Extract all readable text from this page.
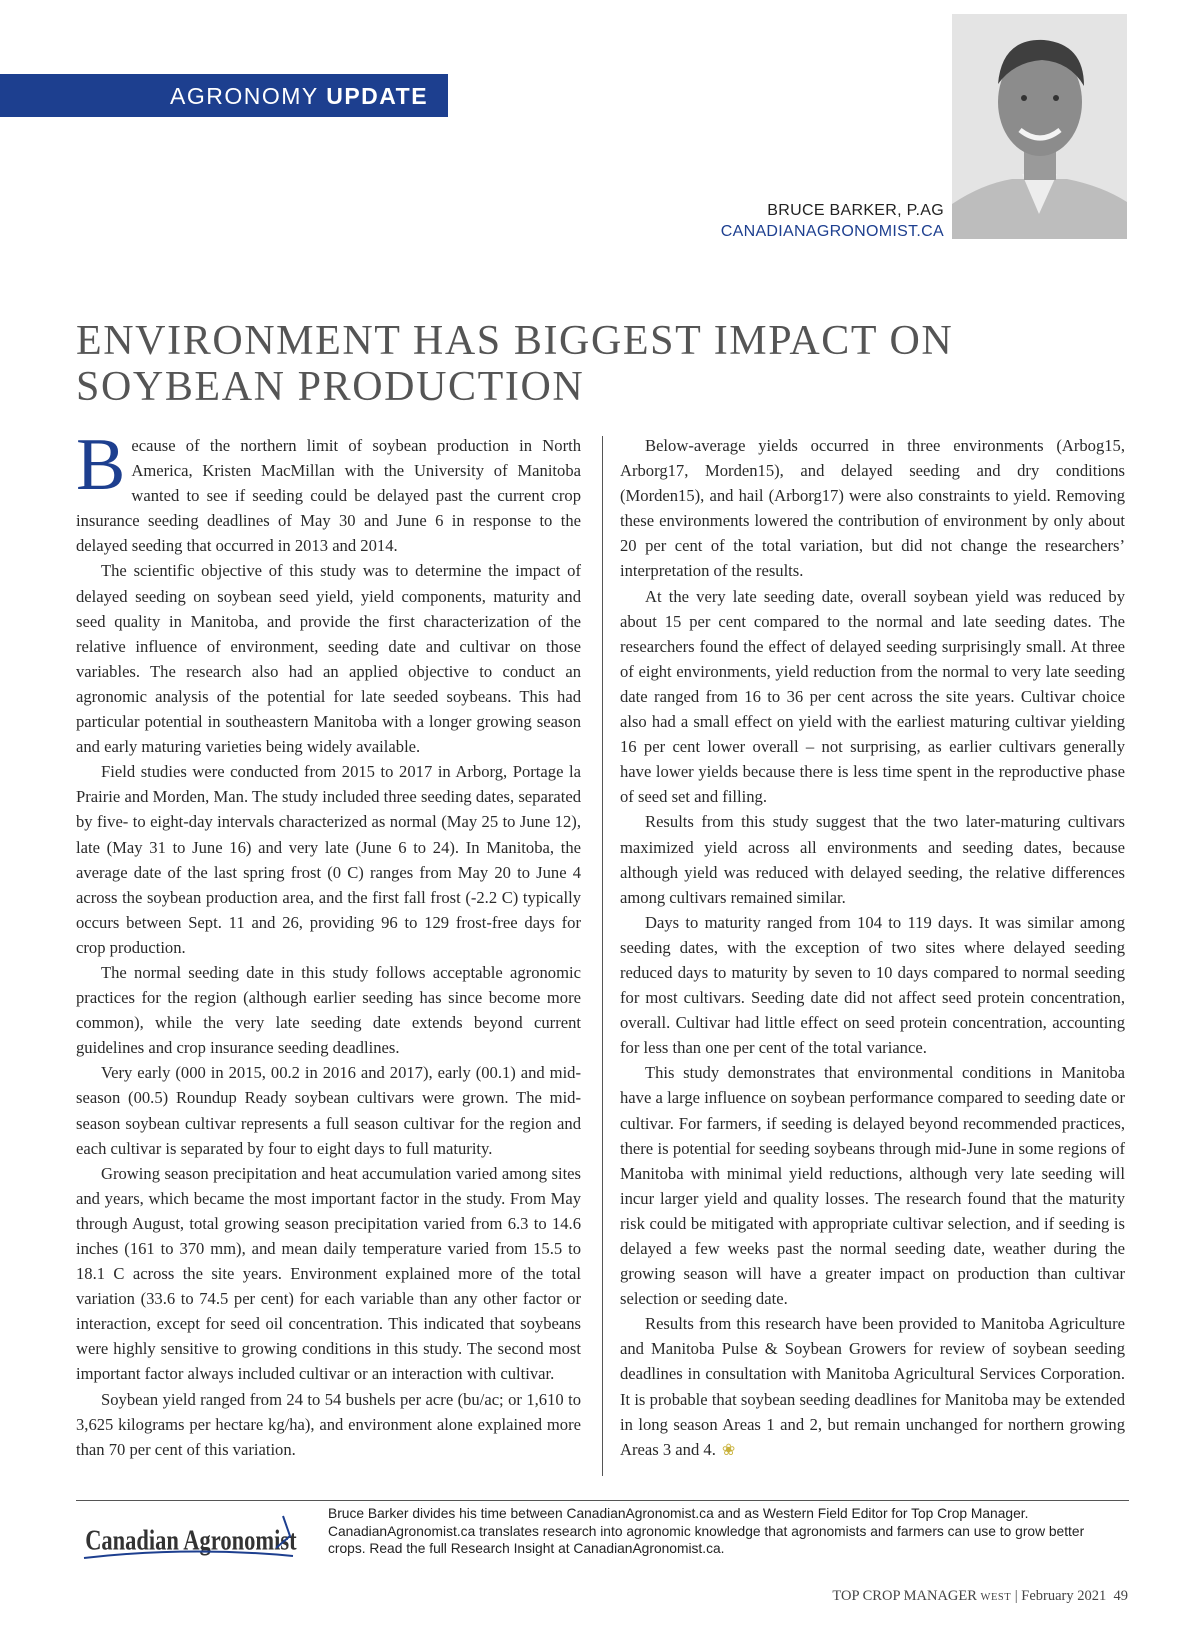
AGRONOMY UPDATE
BRUCE BARKER, P.AG
CANADIANAGRONOMIST.CA
ENVIRONMENT HAS BIGGEST IMPACT ON SOYBEAN PRODUCTION

Because of the northern limit of soybean production in North America, Kristen MacMillan with the University of Manitoba wanted to see if seeding could be delayed past the current crop insurance seeding deadlines of May 30 and June 6 in response to the delayed seeding that occurred in 2013 and 2014.

The scientific objective of this study was to determine the impact of delayed seeding on soybean seed yield, yield components, maturity and seed quality in Manitoba, and provide the first characterization of the relative influence of environment, seeding date and cultivar on those variables. The research also had an applied objective to conduct an agronomic analysis of the potential for late seeded soybeans. This had particular potential in southeastern Manitoba with a longer growing season and early maturing varieties being widely available.

Field studies were conducted from 2015 to 2017 in Arborg, Portage la Prairie and Morden, Man. The study included three seeding dates, separated by five- to eight-day intervals characterized as normal (May 25 to June 12), late (May 31 to June 16) and very late (June 6 to 24). In Manitoba, the average date of the last spring frost (0 C) ranges from May 20 to June 4 across the soybean production area, and the first fall frost (-2.2 C) typically occurs between Sept. 11 and 26, providing 96 to 129 frost-free days for crop production.

The normal seeding date in this study follows acceptable agronomic practices for the region (although earlier seeding has since become more common), while the very late seeding date extends beyond current guidelines and crop insurance seeding deadlines.

Very early (000 in 2015, 00.2 in 2016 and 2017), early (00.1) and mid-season (00.5) Roundup Ready soybean cultivars were grown. The mid-season soybean cultivar represents a full season cultivar for the region and each cultivar is separated by four to eight days to full maturity.

Growing season precipitation and heat accumulation varied among sites and years, which became the most important factor in the study. From May through August, total growing season precipitation varied from 6.3 to 14.6 inches (161 to 370 mm), and mean daily temperature varied from 15.5 to 18.1 C across the site years. Environment explained more of the total variation (33.6 to 74.5 per cent) for each variable than any other factor or interaction, except for seed oil concentration. This indicated that soybeans were highly sensitive to growing conditions in this study. The second most important factor always included cultivar or an interaction with cultivar.

Soybean yield ranged from 24 to 54 bushels per acre (bu/ac; or 1,610 to 3,625 kilograms per hectare kg/ha), and environment alone explained more than 70 per cent of this variation.

Below-average yields occurred in three environments (Arbog15, Arborg17, Morden15), and delayed seeding and dry conditions (Morden15), and hail (Arborg17) were also constraints to yield. Removing these environments lowered the contribution of environment by only about 20 per cent of the total variation, but did not change the researchers’ interpretation of the results.

At the very late seeding date, overall soybean yield was reduced by about 15 per cent compared to the normal and late seeding dates. The researchers found the effect of delayed seeding surprisingly small. At three of eight environments, yield reduction from the normal to very late seeding date ranged from 16 to 36 per cent across the site years. Cultivar choice also had a small effect on yield with the earliest maturing cultivar yielding 16 per cent lower overall – not surprising, as earlier cultivars generally have lower yields because there is less time spent in the reproductive phase of seed set and filling.

Results from this study suggest that the two later-maturing cultivars maximized yield across all environments and seeding dates, because although yield was reduced with delayed seeding, the relative differences among cultivars remained similar.

Days to maturity ranged from 104 to 119 days. It was similar among seeding dates, with the exception of two sites where delayed seeding reduced days to maturity by seven to 10 days compared to normal seeding for most cultivars. Seeding date did not affect seed protein concentration, overall. Cultivar had little effect on seed protein concentration, accounting for less than one per cent of the total variance.

This study demonstrates that environmental conditions in Manitoba have a large influence on soybean performance compared to seeding date or cultivar. For farmers, if seeding is delayed beyond recommended practices, there is potential for seeding soybeans through mid-June in some regions of Manitoba with minimal yield reductions, although very late seeding will incur larger yield and quality losses. The research found that the maturity risk could be mitigated with appropriate cultivar selection, and if seeding is delayed a few weeks past the normal seeding date, weather during the growing season will have a greater impact on production than cultivar selection or seeding date.

Results from this research have been provided to Manitoba Agriculture and Manitoba Pulse & Soybean Growers for review of soybean seeding deadlines in consultation with Manitoba Agricultural Services Corporation. It is probable that soybean seeding deadlines for Manitoba may be extended in long season Areas 1 and 2, but remain unchanged for northern growing Areas 3 and 4. ❀

Canadian Agronomist
Bruce Barker divides his time between CanadianAgronomist.ca and as Western Field Editor for Top Crop Manager. CanadianAgronomist.ca translates research into agronomic knowledge that agronomists and farmers can use to grow better crops. Read the full Research Insight at CanadianAgronomist.ca.
TOP CROP MANAGER WEST | February 2021 49
